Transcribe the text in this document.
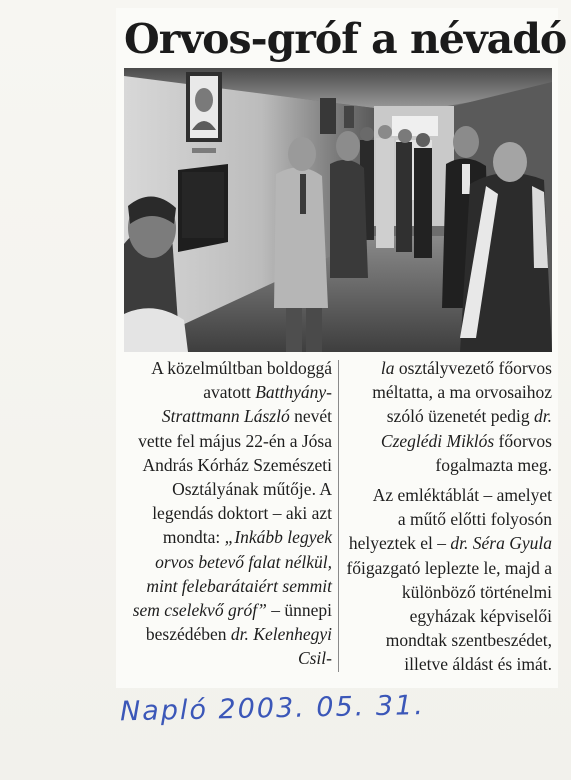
Orvos-gróf a névadó

A közelmúltban boldoggá avatott Batthyány-Strattmann László nevét vette fel május 22-én a Jósa András Kórház Szemészeti Osztályának műtője. A legendás doktort – aki azt mondta: „Inkább legyek orvos betevő falat nélkül, mint felebarátaiért semmit sem cselekvő gróf” – ünnepi beszédében dr. Kelenhegyi Csil-

la osztályvezető főorvos méltatta, a ma orvosaihoz szóló üzenetét pedig dr. Czeglédi Miklós főorvos fogalmazta meg.

Az emléktáblát – amelyet a műtő előtti folyosón helyeztek el – dr. Séra Gyula főigazgató leplezte le, majd a különböző történelmi egyházak képviselői mondtak szentbeszédet, illetve áldást és imát.

Napló 2003. 05. 31.
